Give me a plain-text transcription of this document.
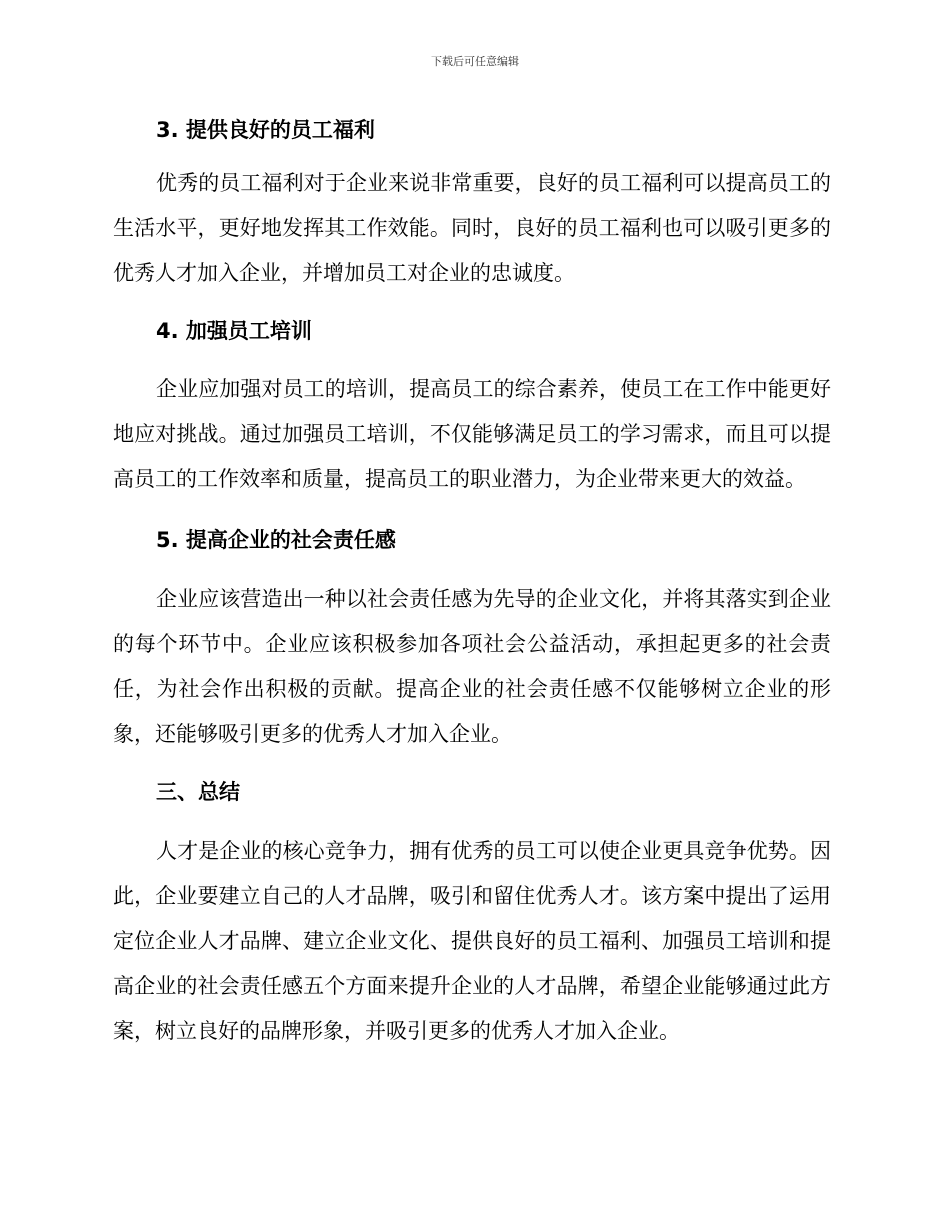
下载后可任意编辑
3. 提供良好的员工福利

优秀的员工福利对于企业来说非常重要，良好的员工福利可以提高员工的生活水平，更好地发挥其工作效能。同时，良好的员工福利也可以吸引更多的优秀人才加入企业，并增加员工对企业的忠诚度。

4. 加强员工培训

企业应加强对员工的培训，提高员工的综合素养，使员工在工作中能更好地应对挑战。通过加强员工培训，不仅能够满足员工的学习需求，而且可以提高员工的工作效率和质量，提高员工的职业潜力，为企业带来更大的效益。

5. 提高企业的社会责任感

企业应该营造出一种以社会责任感为先导的企业文化，并将其落实到企业的每个环节中。企业应该积极参加各项社会公益活动，承担起更多的社会责任，为社会作出积极的贡献。提高企业的社会责任感不仅能够树立企业的形象，还能够吸引更多的优秀人才加入企业。

三、总结

人才是企业的核心竞争力，拥有优秀的员工可以使企业更具竞争优势。因此，企业要建立自己的人才品牌，吸引和留住优秀人才。该方案中提出了运用定位企业人才品牌、建立企业文化、提供良好的员工福利、加强员工培训和提高企业的社会责任感五个方面来提升企业的人才品牌，希望企业能够通过此方案，树立良好的品牌形象，并吸引更多的优秀人才加入企业。
